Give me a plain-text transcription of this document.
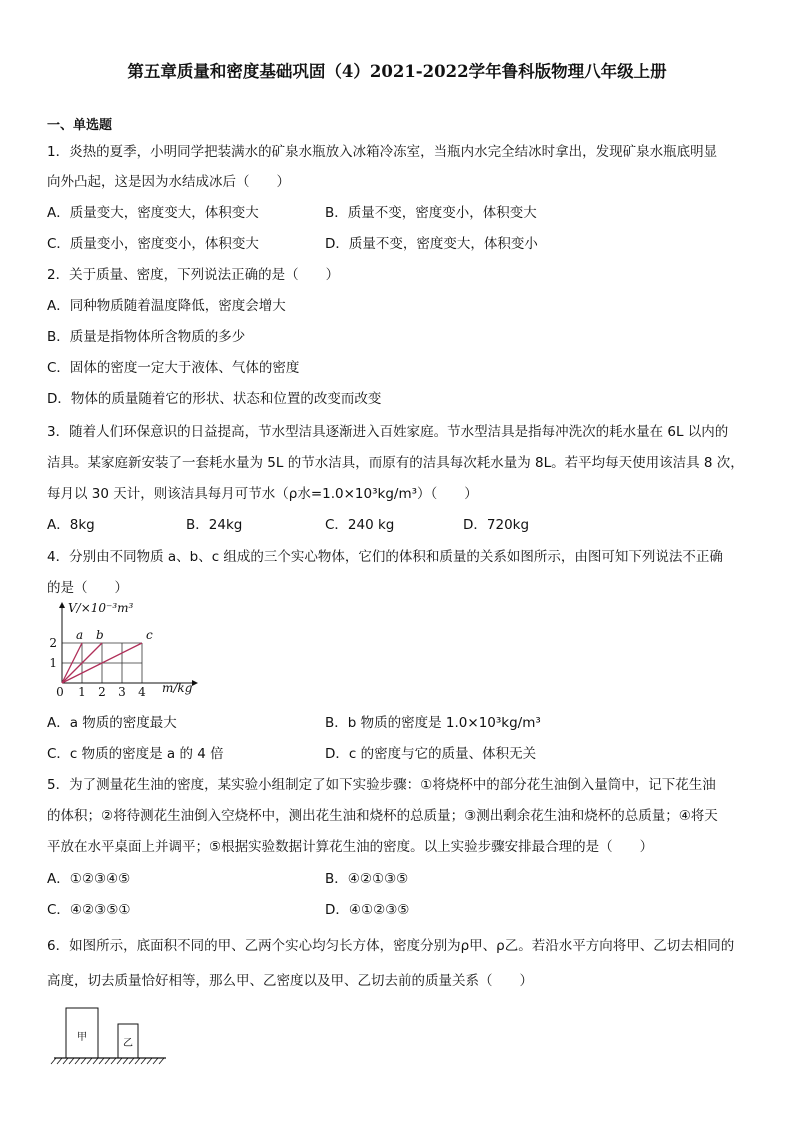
第五章质量和密度基础巩固（4）2021-2022学年鲁科版物理八年级上册
一、单选题
1．炎热的夏季，小明同学把装满水的矿泉水瓶放入冰箱冷冻室，当瓶内水完全结冰时拿出，发现矿泉水瓶底明显
向外凸起，这是因为水结成冰后（　　）
A．质量变大，密度变大，体积变大	B．质量不变，密度变小，体积变大
C．质量变小，密度变小，体积变大	D．质量不变，密度变大，体积变小
2．关于质量、密度，下列说法正确的是（　　）
A．同种物质随着温度降低，密度会增大
B．质量是指物体所含物质的多少
C．固体的密度一定大于液体、气体的密度
D．物体的质量随着它的形状、状态和位置的改变而改变
3．随着人们环保意识的日益提高，节水型洁具逐渐进入百姓家庭。节水型洁具是指每冲洗次的耗水量在 6L 以内的
洁具。某家庭新安装了一套耗水量为 5L 的节水洁具，而原有的洁具每次耗水量为 8L。若平均每天使用该洁具 8 次，
每月以 30 天计，则该洁具每月可节水（ρ水=1.0×10³kg/m³）（　　）
A．8kg	B．24kg	C．240 kg	D．720kg
4．分别由不同物质 a、b、c 组成的三个实心物体，它们的体积和质量的关系如图所示，由图可知下列说法不正确
的是（　　）
a b	c
0 1 2 3 4
1
2
V/×10⁻³m³
m/kg
A．a 物质的密度最大	B．b 物质的密度是 1.0×10³kg/m³
C．c 物质的密度是 a 的 4 倍	D．c 的密度与它的质量、体积无关
5．为了测量花生油的密度，某实验小组制定了如下实验步骤：①将烧杯中的部分花生油倒入量筒中，记下花生油
的体积；②将待测花生油倒入空烧杯中，测出花生油和烧杯的总质量；③测出剩余花生油和烧杯的总质量；④将天
平放在水平桌面上并调平；⑤根据实验数据计算花生油的密度。以上实验步骤安排最合理的是（　　）
A．①②③④⑤	B．④②①③⑤
C．④②③⑤①	D．④①②③⑤
6．如图所示，底面积不同的甲、乙两个实心均匀长方体，密度分别为ρ甲、ρ乙。若沿水平方向将甲、乙切去相同的
高度，切去质量恰好相等，那么甲、乙密度以及甲、乙切去前的质量关系（　　）
甲
乙
